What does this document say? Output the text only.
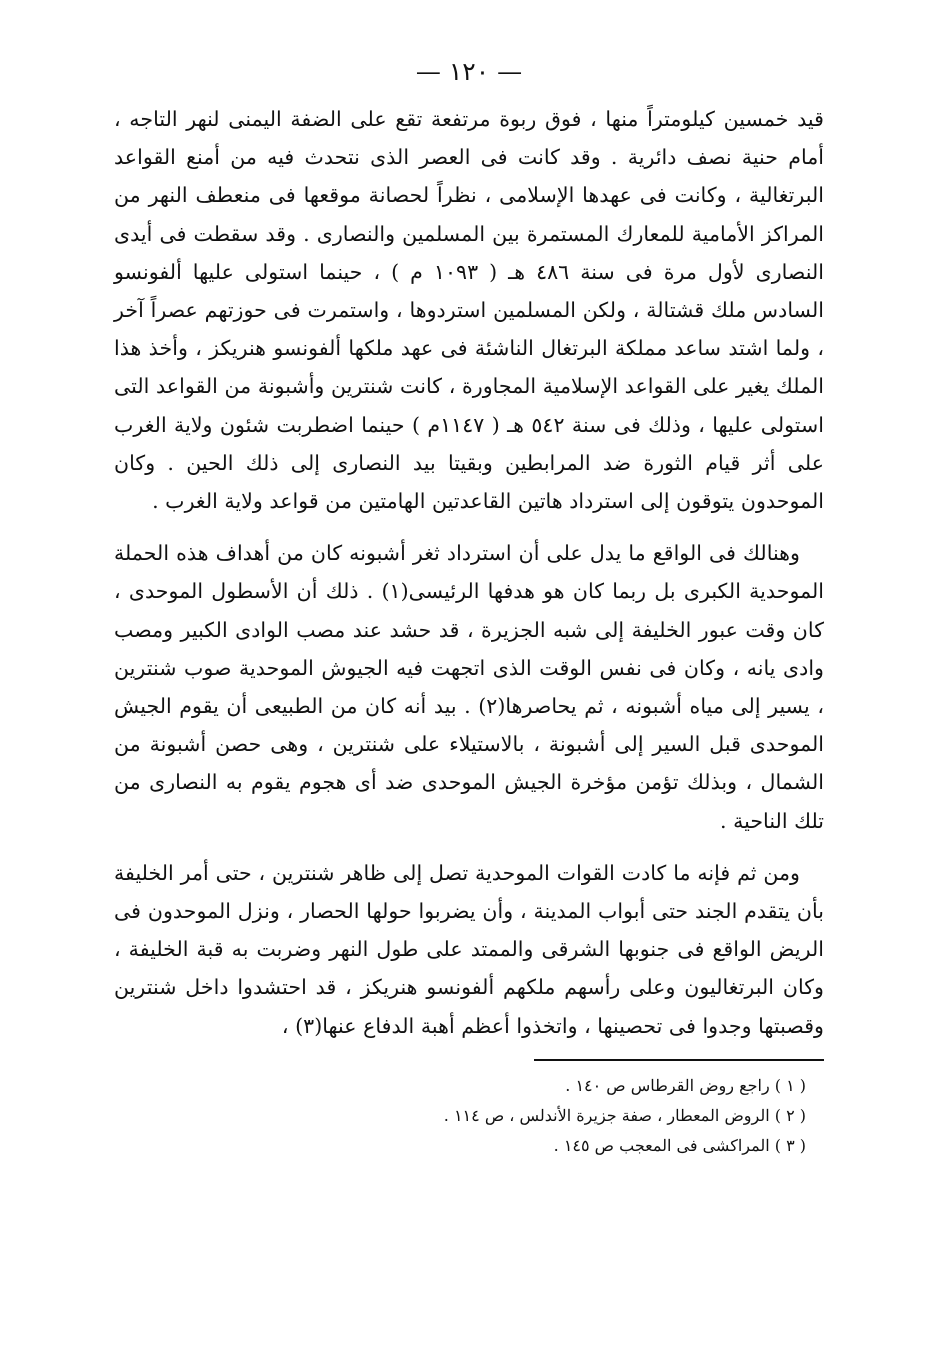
— ١٢٠ —

قيد خمسين كيلومتراً منها ، فوق ربوة مرتفعة تقع على الضفة اليمنى لنهر التاجه ، أمام حنية نصف دائرية . وقد كانت فى العصر الذى نتحدث فيه من أمنع القواعد البرتغالية ، وكانت فى عهدها الإسلامى ، نظراً لحصانة موقعها فى منعطف النهر من المراكز الأمامية للمعارك المستمرة بين المسلمين والنصارى . وقد سقطت فى أيدى النصارى لأول مرة فى سنة ٤٨٦ هـ ( ١٠٩٣ م ) ، حينما استولى عليها ألفونسو السادس ملك قشتالة ، ولكن المسلمين استردوها ، واستمرت فى حوزتهم عصراً آخر ، ولما اشتد ساعد مملكة البرتغال الناشئة فى عهد ملكها ألفونسو هنريكز ، وأخذ هذا الملك يغير على القواعد الإسلامية المجاورة ، كانت شنترين وأشبونة من القواعد التى استولى عليها ، وذلك فى سنة ٥٤٢ هـ ( ١١٤٧م ) حينما اضطربت شئون ولاية الغرب على أثر قيام الثورة ضد المرابطين وبقيتا بيد النصارى إلى ذلك الحين . وكان الموحدون يتوقون إلى استرداد هاتين القاعدتين الهامتين من قواعد ولاية الغرب .

وهنالك فى الواقع ما يدل على أن استرداد ثغر أشبونه كان من أهداف هذه الحملة الموحدية الكبرى بل ربما كان هو هدفها الرئيسى(١) . ذلك أن الأسطول الموحدى ، كان وقت عبور الخليفة إلى شبه الجزيرة ، قد حشد عند مصب الوادى الكبير ومصب وادى يانه ، وكان فى نفس الوقت الذى اتجهت فيه الجيوش الموحدية صوب شنترين ، يسير إلى مياه أشبونه ، ثم يحاصرها(٢) . بيد أنه كان من الطبيعى أن يقوم الجيش الموحدى قبل السير إلى أشبونة ، بالاستيلاء على شنترين ، وهى حصن أشبونة من الشمال ، وبذلك تؤمن مؤخرة الجيش الموحدى ضد أى هجوم يقوم به النصارى من تلك الناحية .

ومن ثم فإنه ما كادت القوات الموحدية تصل إلى ظاهر شنترين ، حتى أمر الخليفة بأن يتقدم الجند حتى أبواب المدينة ، وأن يضربوا حولها الحصار ، ونزل الموحدون فى الريض الواقع فى جنوبها الشرقى والممتد على طول النهر وضربت به قبة الخليفة ، وكان البرتغاليون وعلى رأسهم ملكهم ألفونسو هنريكز ، قد احتشدوا داخل شنترين وقصبتها وجدوا فى تحصينها ، واتخذوا أعظم أهبة الدفاع عنها(٣) ،

( ١ ) راجع روض القرطاس ص ١٤٠ .
( ٢ ) الروض المعطار ، صفة جزيرة الأندلس ، ص ١١٤ .
( ٣ ) المراكشى فى المعجب ص ١٤٥ .
